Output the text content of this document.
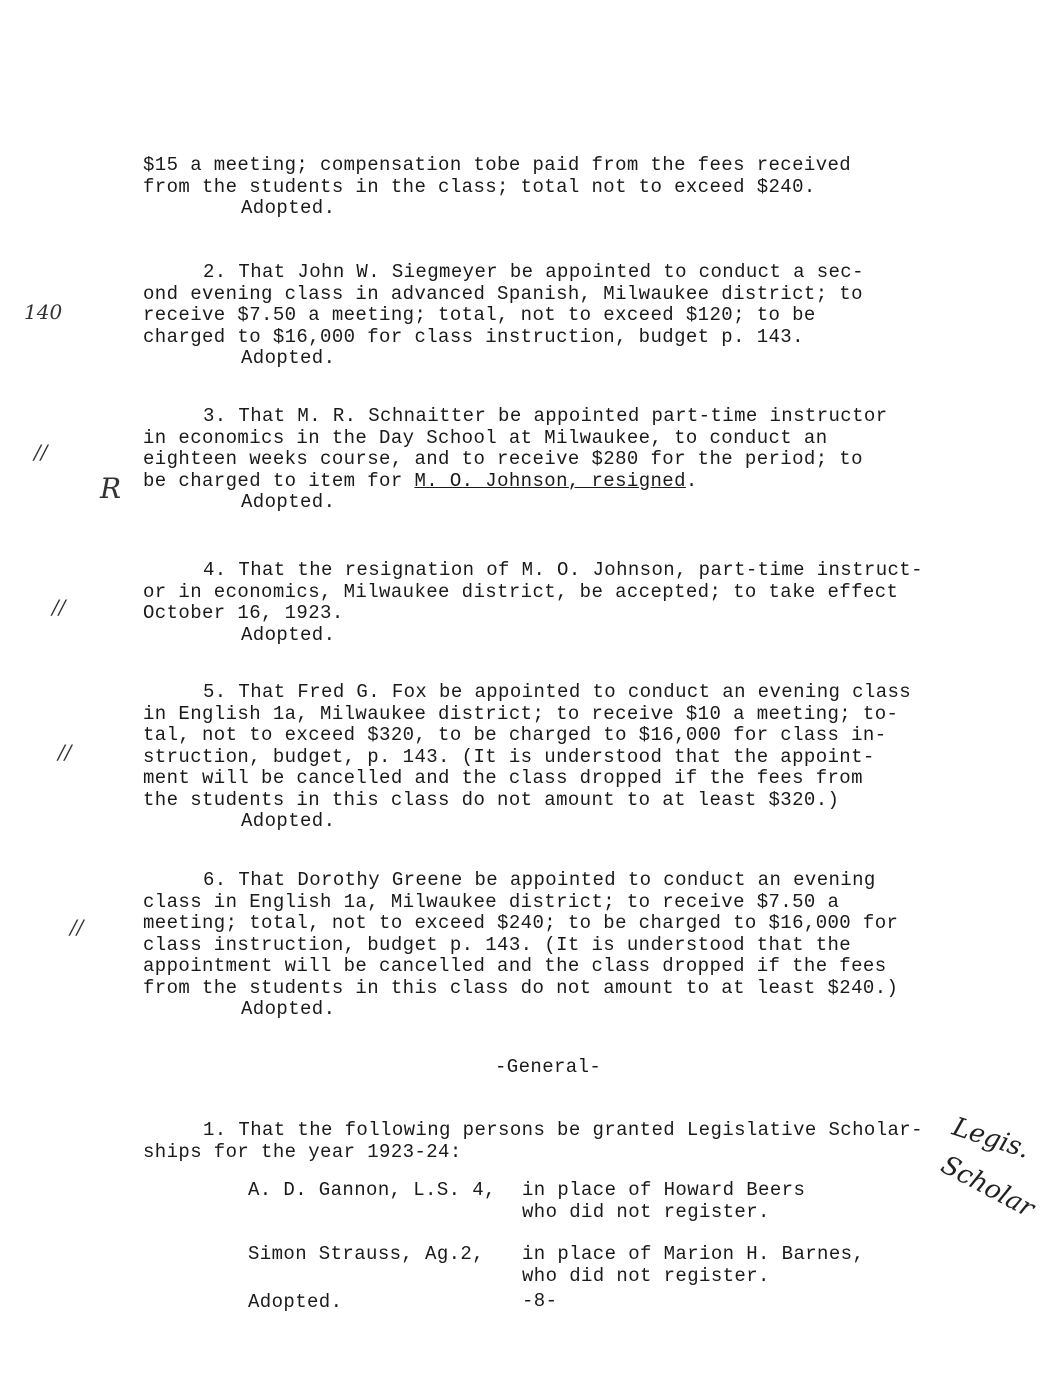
$15 a meeting; compensation tobe paid from the fees received
from the students in the class; total not to exceed $240.
Adopted.
140
2. That John W. Siegmeyer be appointed to conduct a sec-
ond evening class in advanced Spanish, Milwaukee district; to
receive $7.50 a meeting; total, not to exceed $120; to be
charged to $16,000 for class instruction, budget p. 143.
Adopted.
//
R
3. That M. R. Schnaitter be appointed part-time instructor
in economics in the Day School at Milwaukee, to conduct an
eighteen weeks course, and to receive $280 for the period; to
be charged to item for M. O. Johnson, resigned.
Adopted.
//
4. That the resignation of M. O. Johnson, part-time instruct-
or in economics, Milwaukee district, be accepted; to take effect
October 16, 1923.
Adopted.
//
5. That Fred G. Fox be appointed to conduct an evening class
in English 1a, Milwaukee district; to receive $10 a meeting; to-
tal, not to exceed $320, to be charged to $16,000 for class in-
struction, budget, p. 143. (It is understood that the appoint-
ment will be cancelled and the class dropped if the fees from
the students in this class do not amount to at least $320.)
Adopted.
//
6. That Dorothy Greene be appointed to conduct an evening
class in English 1a, Milwaukee district; to receive $7.50 a
meeting; total, not to exceed $240; to be charged to $16,000 for
class instruction, budget p. 143. (It is understood that the
appointment will be cancelled and the class dropped if the fees
from the students in this class do not amount to at least $240.)
Adopted.
-General-
1. That the following persons be granted Legislative Scholar-
ships for the year 1923-24:	Legis.
Scholar
A. D. Gannon, L.S. 4, in place of Howard Beers
who did not register.
Simon Strauss, Ag.2, in place of Marion H. Barnes,
who did not register.
Adopted.	-8-
